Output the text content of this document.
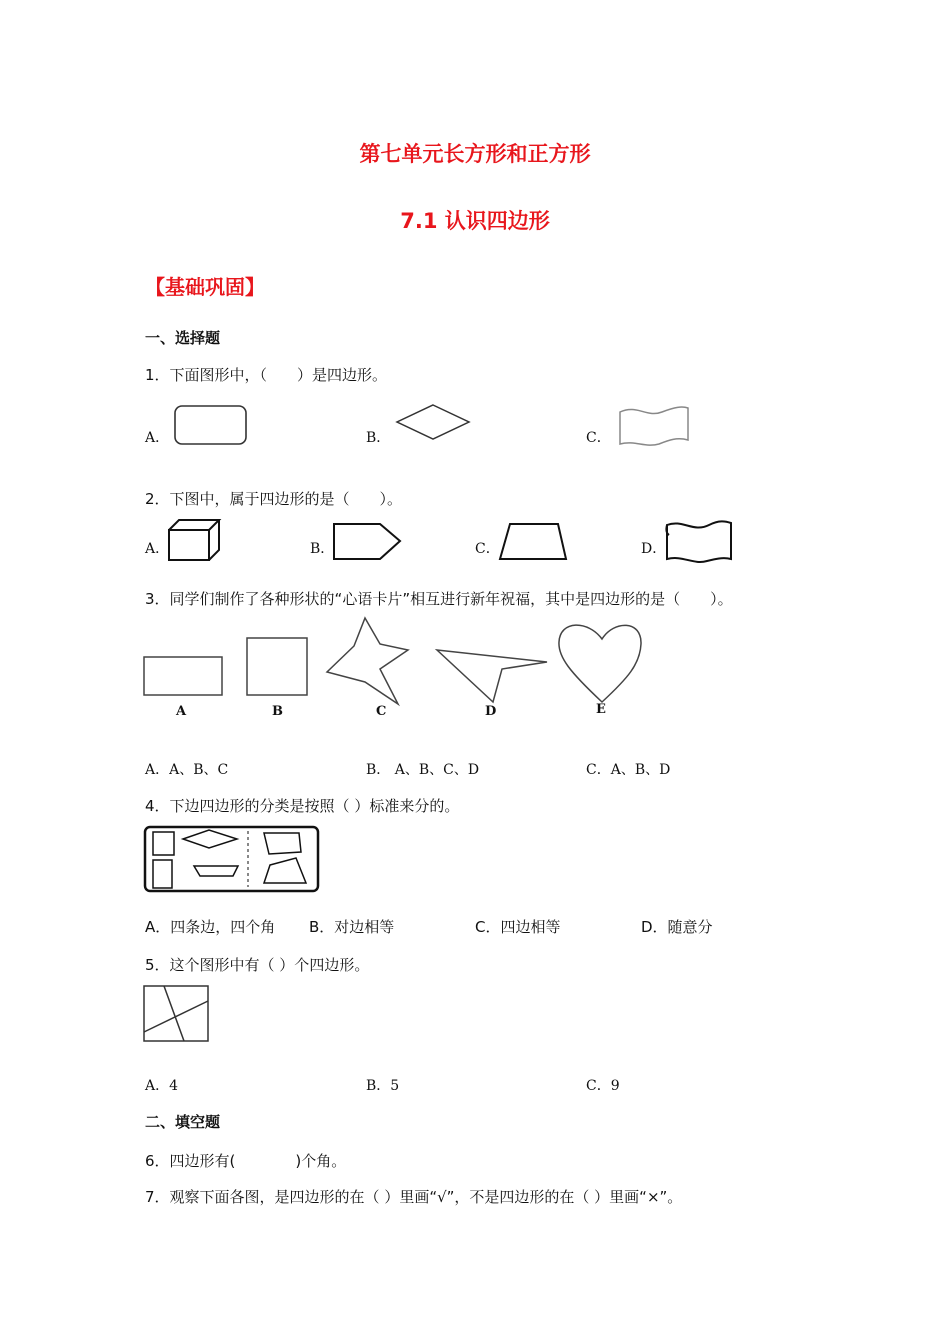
第七单元长方形和正方形
7.1 认识四边形
【基础巩固】
一、选择题
1．下面图形中，（　　）是四边形。
A．	B．	C．
2．下图中，属于四边形的是（　　）。
A．	B．	C．	D．
3．同学们制作了各种形状的“心语卡片”相互进行新年祝福，其中是四边形的是（　　）。
A	B	C	D	E
A．A、B、C	B． A、B、C、D	C．A、B、D
4．下边四边形的分类是按照（ ）标准来分的。
A．四条边，四个角 B．对边相等	C．四边相等	D．随意分
5．这个图形中有（ ）个四边形。
A．4	B．5	C．9
二、填空题
6．四边形有(　　　　)个角。
7．观察下面各图，是四边形的在（ ）里画“√”，不是四边形的在（ ）里画“×”。
